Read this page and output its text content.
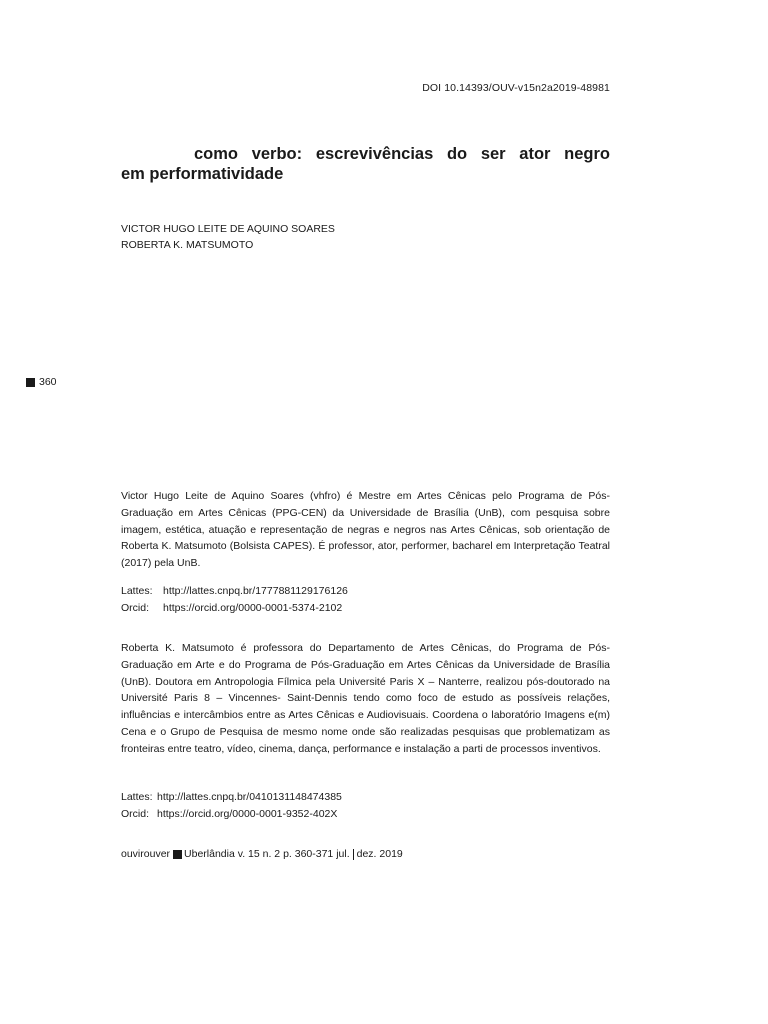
DOI 10.14393/OUV-v15n2a2019-48981
como verbo: escrevivências do ser ator negro
em performatividade
VICTOR HUGO LEITE DE AQUINO SOARES
ROBERTA K. MATSUMOTO
360

Victor Hugo Leite de Aquino Soares (vhfro) é Mestre em Artes Cênicas pelo Programa de Pós-Graduação em Artes Cênicas (PPG-CEN) da Universidade de Brasília (UnB), com pesquisa sobre imagem, estética, atuação e representação de negras e negros nas Artes Cênicas, sob orientação de Roberta K. Matsumoto (Bolsista CAPES). É professor, ator, performer, bacharel em Interpretação Teatral (2017) pela UnB.

Lattes: http://lattes.cnpq.br/1777881129176126
Orcid: https://orcid.org/0000-0001-5374-2102

Roberta K. Matsumoto é professora do Departamento de Artes Cênicas, do Programa de Pós-Graduação em Arte e do Programa de Pós-Graduação em Artes Cênicas da Universidade de Brasília (UnB). Doutora em Antropologia Fílmica pela Université Paris X – Nanterre, realizou pós-doutorado na Université Paris 8 – Vincennes- Saint-Dennis tendo como foco de estudo as possíveis relações, influências e intercâmbios entre as Artes Cênicas e Audiovisuais. Coordena o laboratório Imagens e(m) Cena e o Grupo de Pesquisa de mesmo nome onde são realizadas pesquisas que problematizam as fronteiras entre teatro, vídeo, cinema, dança, performance e instalação a parti de processos inventivos.

Lattes: http://lattes.cnpq.br/0410131148474385
Orcid: https://orcid.org/0000-0001-9352-402X
ouvirouver Uberlândia v. 15 n. 2 p. 360-371 jul. dez. 2019
